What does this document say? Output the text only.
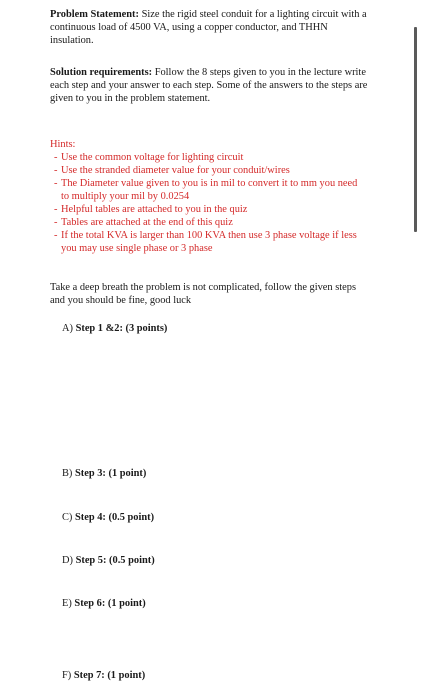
Problem Statement: Size the rigid steel conduit for a lighting circuit with a continuous load of 4500 VA, using a copper conductor, and THHN insulation.

Solution requirements: Follow the 8 steps given to you in the lecture write each step and your answer to each step. Some of the answers to the steps are given to you in the problem statement.

Hints:
- Use the common voltage for lighting circuit
- Use the stranded diameter value for your conduit/wires
- The Diameter value given to you is in mil to convert it to mm you need to multiply your mil by 0.0254
- Helpful tables are attached to you in the quiz
- Tables are attached at the end of this quiz
- If the total KVA is larger than 100 KVA then use 3 phase voltage if less you may use single phase or 3 phase

Take a deep breath the problem is not complicated, follow the given steps and you should be fine, good luck

A) Step 1 &2: (3 points)
B) Step 3: (1 point)
C) Step 4: (0.5 point)
D) Step 5: (0.5 point)
E) Step 6: (1 point)
F) Step 7: (1 point)
